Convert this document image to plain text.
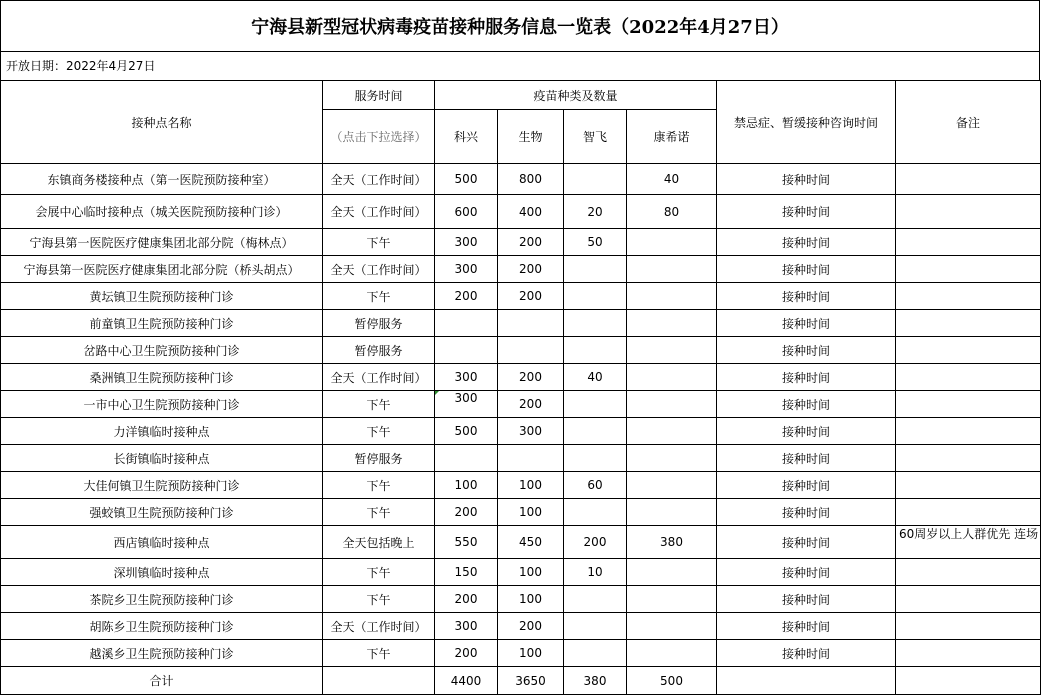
宁海县新型冠状病毒疫苗接种服务信息一览表（2022年4月27日）
开放日期：2022年4月27日
接种点名称	服务时间	疫苗种类及数量				禁忌症、暂缓接种咨询时间	备注
	（点击下拉选择）	科兴	生物	智飞	康希诺		
东镇商务楼接种点（第一医院预防接种室）	全天（工作时间）	500	800		40	接种时间	
会展中心临时接种点（城关医院预防接种门诊）	全天（工作时间）	600	400	20	80	接种时间	
宁海县第一医院医疗健康集团北部分院（梅林点）	下午	300	200	50		接种时间	
宁海县第一医院医疗健康集团北部分院（桥头胡点）	全天（工作时间）	300	200			接种时间	
黄坛镇卫生院预防接种门诊	下午	200	200			接种时间	
前童镇卫生院预防接种门诊	暂停服务					接种时间	
岔路中心卫生院预防接种门诊	暂停服务					接种时间	
桑洲镇卫生院预防接种门诊	全天（工作时间）	300	200	40		接种时间	
一市中心卫生院预防接种门诊	下午	300	200			接种时间	
力洋镇临时接种点	下午	500	300			接种时间	
长街镇临时接种点	暂停服务					接种时间	
大佳何镇卫生院预防接种门诊	下午	100	100	60		接种时间	
强蛟镇卫生院预防接种门诊	下午	200	100			接种时间	
西店镇临时接种点	全天包括晚上	550	450	200	380	接种时间	60周岁以上人群优先 连场
深圳镇临时接种点	下午	150	100	10		接种时间	
茶院乡卫生院预防接种门诊	下午	200	100			接种时间	
胡陈乡卫生院预防接种门诊	全天（工作时间）	300	200			接种时间	
越溪乡卫生院预防接种门诊	下午	200	100			接种时间	
合计		4400	3650	380	500		
